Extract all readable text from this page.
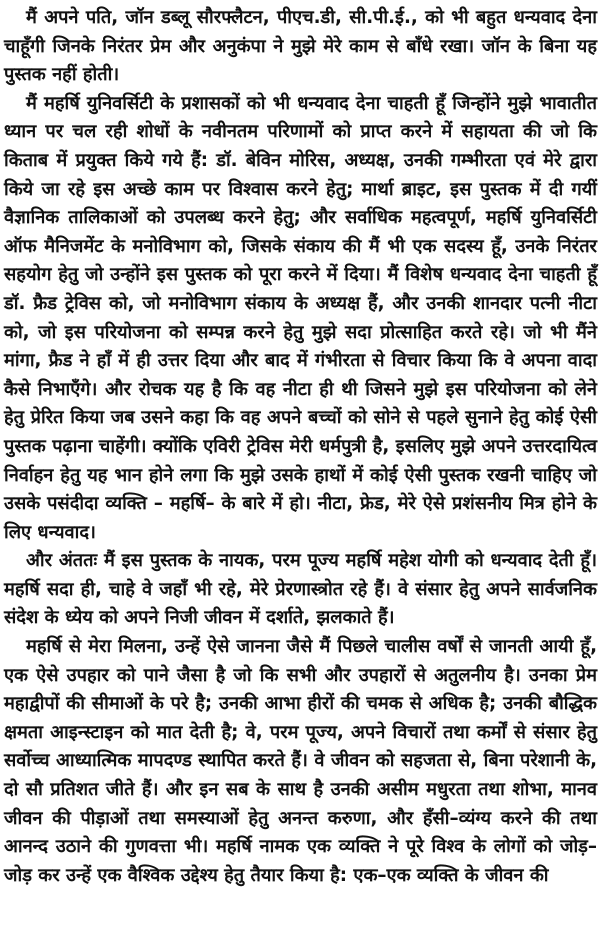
मैं अपने पति, जॉन डब्लू सौरफ्लैटन, पीएच.डी, सी.पी.ई., को भी बहुत धन्यवाद देना चाहूँगी जिनके निरंतर प्रेम और अनुकंपा ने मुझे मेरे काम से बाँधे रखा। जॉन के बिना यह पुस्तक नहीं होती।

मैं महर्षि युनिवर्सिटी के प्रशासकों को भी धन्यवाद देना चाहती हूँ जिन्होंने मुझे भावातीत ध्यान पर चल रही शोधों के नवीनतम परिणामों को प्राप्त करने में सहायता की जो कि किताब में प्रयुक्त किये गये हैं: डॉ. बेविन मोरिस, अध्यक्ष, उनकी गम्भीरता एवं मेरे द्वारा किये जा रहे इस अच्छे काम पर विश्वास करने हेतु; मार्था ब्राइट, इस पुस्तक में दी गयीं वैज्ञानिक तालिकाओं को उपलब्ध करने हेतु; और सर्वाधिक महत्वपूर्ण, महर्षि युनिवर्सिटी ऑफ मैनिजमेंट के मनोविभाग को, जिसके संकाय की मैं भी एक सदस्य हूँ, उनके निरंतर सहयोग हेतु जो उन्होंने इस पुस्तक को पूरा करने में दिया। मैं विशेष धन्यवाद देना चाहती हूँ डॉ. फ्रैड ट्रेविस को, जो मनोविभाग संकाय के अध्यक्ष हैं, और उनकी शानदार पत्नी नीटा को, जो इस परियोजना को सम्पन्न करने हेतु मुझे सदा प्रोत्साहित करते रहे। जो भी मैंने मांगा, फ्रैड ने हाँ में ही उत्तर दिया और बाद में गंभीरता से विचार किया कि वे अपना वादा कैसे निभाएँगे। और रोचक यह है कि वह नीटा ही थी जिसने मुझे इस परियोजना को लेने हेतु प्रेरित किया जब उसने कहा कि वह अपने बच्चों को सोने से पहले सुनाने हेतु कोई ऐसी पुस्तक पढ़ाना चाहेंगी। क्योंकि एविरी ट्रेविस मेरी धर्मपुत्री है, इसलिए मुझे अपने उत्तरदायित्व निर्वाहन हेतु यह भान होने लगा कि मुझे उसके हाथों में कोई ऐसी पुस्तक रखनी चाहिए जो उसके पसंदीदा व्यक्ति – महर्षि– के बारे में हो। नीटा, फ्रेड, मेरे ऐसे प्रशंसनीय मित्र होने के लिए धन्यवाद।

और अंततः मैं इस पुस्तक के नायक, परम पूज्य महर्षि महेश योगी को धन्यवाद देती हूँ। महर्षि सदा ही, चाहे वे जहाँ भी रहे, मेरे प्रेरणास्त्रोत रहे हैं। वे संसार हेतु अपने सार्वजनिक संदेश के ध्येय को अपने निजी जीवन में दर्शाते, झलकाते हैं।

महर्षि से मेरा मिलना, उन्हें ऐसे जानना जैसे मैं पिछले चालीस वर्षों से जानती आयी हूँ, एक ऐसे उपहार को पाने जैसा है जो कि सभी और उपहारों से अतुलनीय है। उनका प्रेम महाद्वीपों की सीमाओं के परे है; उनकी आभा हीरों की चमक से अधिक है; उनकी बौद्धिक क्षमता आइन्स्टाइन को मात देती है; वे, परम पूज्य, अपने विचारों तथा कर्मों से संसार हेतु सर्वोच्च आध्यात्मिक मापदण्ड स्थापित करते हैं। वे जीवन को सहजता से, बिना परेशानी के, दो सौ प्रतिशत जीते हैं। और इन सब के साथ है उनकी असीम मधुरता तथा शोभा, मानव जीवन की पीड़ाओं तथा समस्याओं हेतु अनन्त करुणा, और हँसी–व्यंग्य करने की तथा आनन्द उठाने की गुणवत्ता भी। महर्षि नामक एक व्यक्ति ने पूरे विश्व के लोगों को जोड़–जोड़ कर उन्हें एक वैश्विक उद्देश्य हेतु तैयार किया है: एक–एक व्यक्ति के जीवन की
